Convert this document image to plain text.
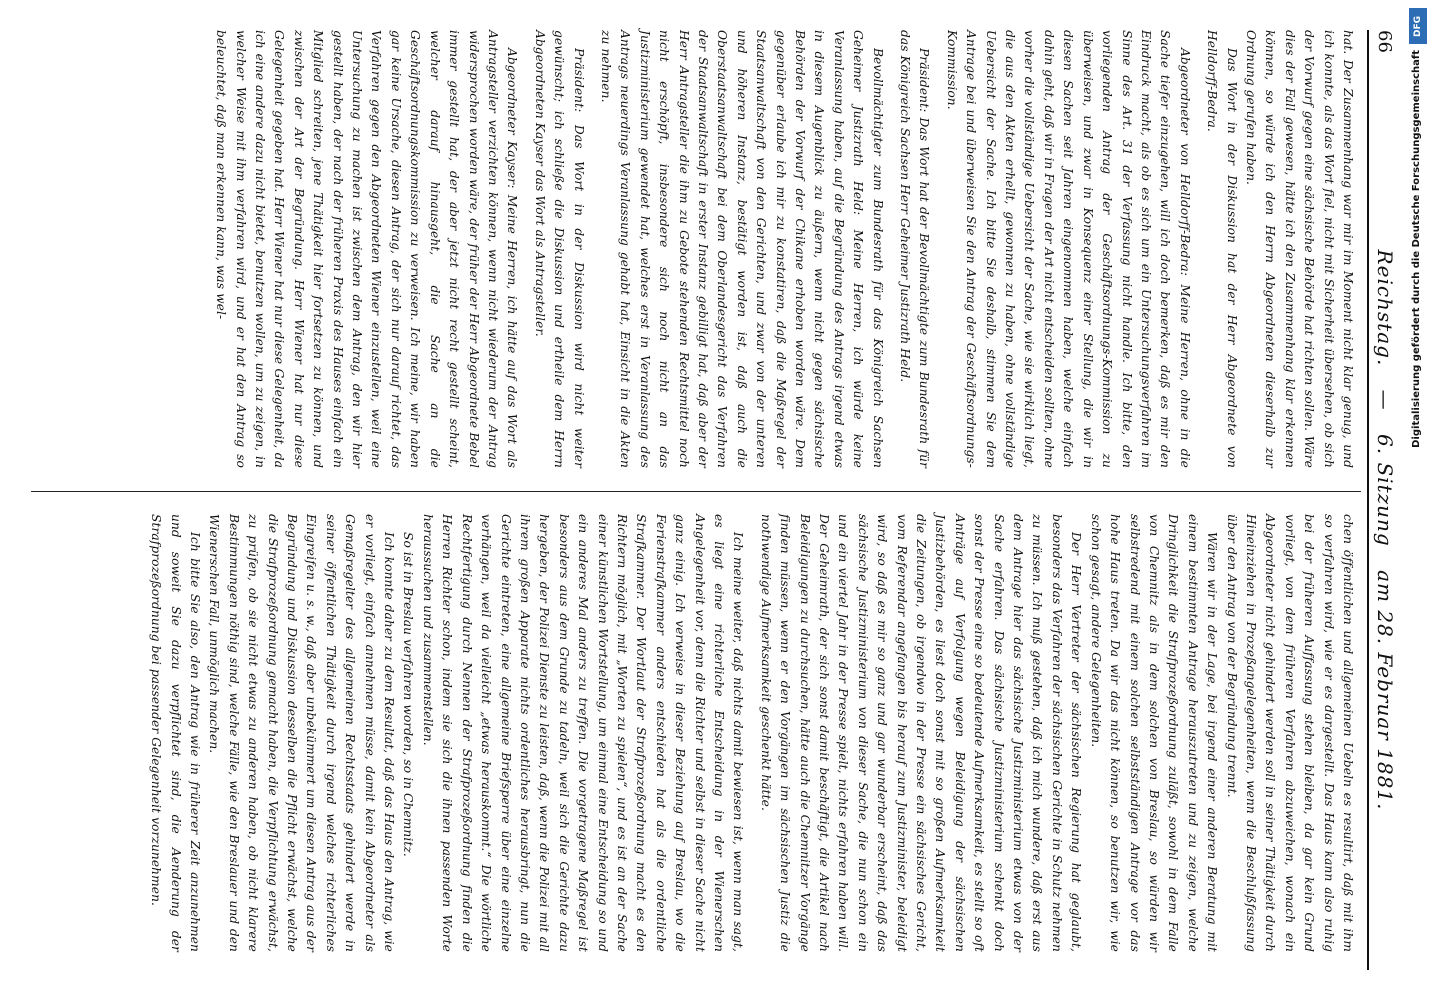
66
Reichstag. — 6. Sitzung am 28. Februar 1881.

hat. Der Zusammenhang war mir im Moment nicht klar genug, und ich konnte, als das Wort fiel, nicht mit Sicherheit übersehen, ob sich der Vorwurf gegen eine sächsische Behörde hat richten sollen. Wäre dies der Fall gewesen, hätte ich den Zusammenhang klar erkennen können, so würde ich den Herrn Abgeordneten dieserhalb zur Ordnung gerufen haben.

Das Wort in der Diskussion hat der Herr Abgeordnete von Helldorff-Bedra.

Abgeordneter von Helldorff-Bedra: Meine Herren, ohne in die Sache tiefer einzugehen, will ich doch bemerken, daß es mir den Eindruck macht, als ob es sich um ein Untersuchungsverfahren im Sinne des Art. 31 der Verfassung nicht handle. Ich bitte, den vorliegenden Antrag der Geschäftsordnungs-Kommission zu überweisen, und zwar in Konsequenz einer Stellung, die wir in diesen Sachen seit Jahren eingenommen haben, welche einfach dahin geht, daß wir in Fragen der Art nicht entscheiden sollten, ohne vorher die vollständige Uebersicht der Sache, wie sie wirklich liegt, die aus den Akten erhellt, gewonnen zu haben, ohne vollständige Uebersicht der Sache. Ich bitte Sie deshalb, stimmen Sie dem Antrage bei und überweisen Sie den Antrag der Geschäftsordnungs-Kommission.

Präsident: Das Wort hat der Bevollmächtigte zum Bundesrath für das Königreich Sachsen Herr Geheimer Justizrath Held.

Bevollmächtigter zum Bundesrath für das Königreich Sachsen Geheimer Justizrath Held: Meine Herren, ich würde keine Veranlassung haben, auf die Begründung des Antrags irgend etwas in diesem Augenblick zu äußern, wenn nicht gegen sächsische Behörden der Vorwurf der Chikane erhoben worden wäre. Dem gegenüber erlaube ich mir zu konstatiren, daß die Maßregel der Staatsanwaltschaft von den Gerichten, und zwar von der unteren und höheren Instanz, bestätigt worden ist, daß auch die Oberstaatsanwaltschaft bei dem Oberlandesgericht das Verfahren der Staatsanwaltschaft in erster Instanz gebilligt hat, daß aber der Herr Antragsteller die ihm zu Gebote stehenden Rechtsmittel noch nicht erschöpft, insbesondere sich noch nicht an das Justizministerium gewendet hat, welches erst in Veranlassung des Antrags neuerdings Veranlassung gehabt hat, Einsicht in die Akten zu nehmen.

Präsident: Das Wort in der Diskussion wird nicht weiter gewünscht; ich schließe die Diskussion und ertheile dem Herrn Abgeordneten Kayser das Wort als Antragsteller.

Abgeordneter Kayser: Meine Herren, ich hätte auf das Wort als Antragsteller verzichten können, wenn nicht wiederum der Antrag widersprochen worden wäre, der früher der Herr Abgeordnete Bebel immer gestellt hat, der aber jetzt nicht recht gestellt scheint, welcher darauf hinausgeht, die Sache an die Geschäftsordnungskommission zu verweisen. Ich meine, wir haben gar keine Ursache, diesen Antrag, der sich nur darauf richtet, das Verfahren gegen den Abgeordneten Wiener einzustellen, weil eine Untersuchung zu machen ist zwischen dem Antrag, den wir hier gestellt haben, der nach der früheren Praxis des Hauses einfach ein Mitglied schreiten, jene Thätigkeit hier fortsetzen zu können, und zwischen der Art der Begründung. Herr Wiener hat nur diese Gelegenheit gegeben hat. Herr Wiener hat nur diese Gelegenheit, da ich eine andere dazu nicht bietet, benutzen wollen, um zu zeigen, in welcher Weise mit ihm verfahren wird, und er hat den Antrag so beleuchtet, daß man erkennen kann, was wel-

chen öffentlichen und allgemeinen Uebeln es resultirt, daß mit ihm so verfahren wird, wie er es dargestellt. Das Haus kann also ruhig bei der früheren Auffassung stehen bleiben, da gar kein Grund vorliegt, von dem früheren Verfahren abzuweichen, wonach ein Abgeordneter nicht gehindert werden soll in seiner Thätigkeit durch Hineinziehen in Prozeßangelegenheiten, wenn die Beschlußfassung über den Antrag von der Begründung trennt.

Wären wir in der Lage, bei irgend einer anderen Beratung mit einem bestimmten Antrage herauszutreten und zu zeigen, welche Dringlichkeit die Strafprozeßordnung zuläßt, sowohl in dem Falle von Chemnitz als in dem solchen von Breslau, so würden wir selbstredend mit einem solchen selbstständigen Antrage vor das hohe Haus treten. Da wir das nicht können, so benutzen wir, wie schon gesagt, andere Gelegenheiten.

Der Herr Vertreter der sächsischen Regierung hat geglaubt, besonders das Verfahren der sächsischen Gerichte in Schutz nehmen zu müssen. Ich muß gestehen, daß ich mich wundere, daß erst aus dem Antrage hier das sächsische Justizministerium etwas von der Sache erfahren. Das sächsische Justizministerium schenkt doch sonst der Presse eine so bedeutende Aufmerksamkeit, es stellt so oft Anträge auf Verfolgung wegen Beleidigung der sächsischen Justizbehörden, es liest doch sonst mit so großen Aufmerksamkeit die Zeitungen, ob irgendwo in der Presse ein sächsisches Gericht, vom Referendar angefangen bis herauf zum Justizminister, beleidigt wird, so daß es mir so ganz und gar wunderbar erscheint, daß das sächsische Justizministerium von dieser Sache, die nun schon ein und ein viertel Jahr in der Presse spielt, nichts erfahren haben will. Der Geheimrath, der sich sonst damit beschäftigt, die Artikel nach Beleidigungen zu durchsuchen, hätte auch die Chemnitzer Vorgänge finden müssen, wenn er den Vorgängen im sächsischen Justiz die nothwendige Aufmerksamkeit geschenkt hätte.

Ich meine weiter, daß nichts damit bewiesen ist, wenn man sagt, es liegt eine richterliche Entscheidung in der Wienerschen Angelegenheit vor, denn die Richter und selbst in dieser Sache nicht ganz einig. Ich verweise in dieser Beziehung auf Breslau, wo die Ferienstrafkammer anders entschieden hat als die ordentliche Strafkammer. Der Wortlaut der Strafprozeßordnung macht es den Richtern möglich, mit „Worten zu spielen“, und es ist an der Sache einer künstlichen Wortstellung, um einmal eine Entscheidung so und ein anderes Mal anders zu treffen. Die vorgetragene Maßregel ist besonders aus dem Grunde zu tadeln, weil sich die Gerichte dazu hergeben, der Polizei Dienste zu leisten, daß, wenn die Polizei mit all ihrem großen Apparate nichts ordentliches herausbringt, nun die Gerichte eintreten, eine allgemeine Briefsperre über eine einzelne verhängen, weil da vielleicht „etwas herauskommt.“ Die wörtliche Rechtfertigung durch Nennen der Strafprozeßordnung finden die Herren Richter schon, indem sie sich die ihnen passenden Worte heraussuchen und zusammenstellen.

So ist in Breslau verfahren worden, so in Chemnitz.

Ich konnte daher zu dem Resultat, daß das Haus den Antrag, wie er vorliegt, einfach annehmen müsse, damit kein Abgeordneter als Gemaßregelter des allgemeinen Rechtsstaats gehindert werde in seiner öffentlichen Thätigkeit durch irgend welches richterliches Eingreifen u. s. w., daß aber unbekümmert um diesen Antrag aus der Begründung und Diskussion desselben die Pflicht erwächst, welche die Strafprozeßordnung gemacht haben, die Verpflichtung erwächst, zu prüfen, ob sie nicht etwas zu anderen haben, ob nicht klarere Bestimmungen nöthig sind, welche Fälle, wie den Breslauer und den Wienerschen Fall, unmöglich machen.

Ich bitte Sie also, den Antrag wie in früherer Zeit anzunehmen und soweit Sie dazu verpflichtet sind, die Aenderung der Strafprozeßordnung bei passender Gelegenheit vorzunehmen.

DFG
Digitalisierung gefördert durch die Deutsche Forschungsgemeinschaft
